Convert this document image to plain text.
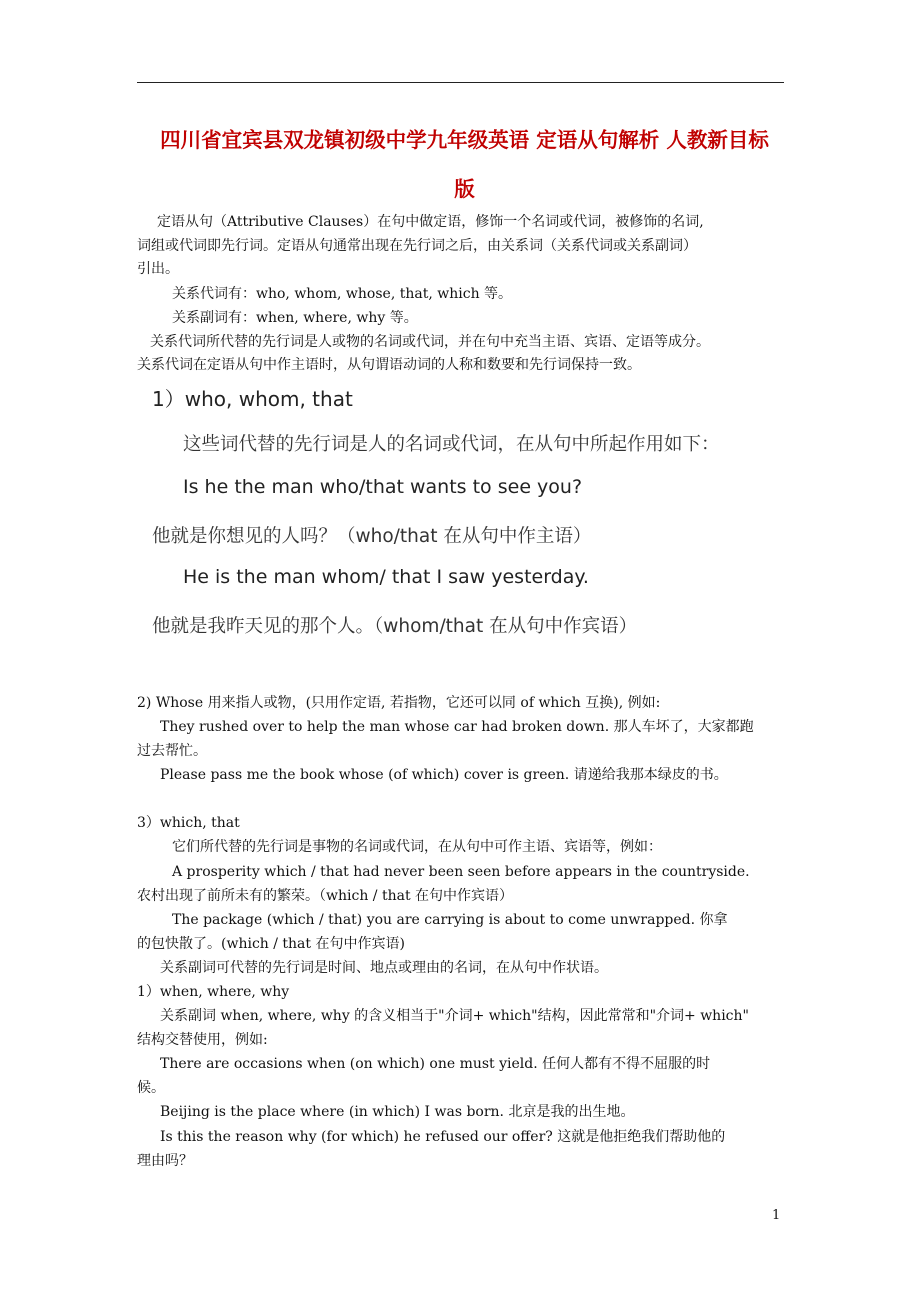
四川省宜宾县双龙镇初级中学九年级英语 定语从句解析 人教新目标
版
定语从句（Attributive Clauses）在句中做定语，修饰一个名词或代词，被修饰的名词,
词组或代词即先行词。定语从句通常出现在先行词之后，由关系词（关系代词或关系副词）
引出。
关系代词有：who, whom, whose, that, which 等。
关系副词有：when, where, why 等。
关系代词所代替的先行词是人或物的名词或代词，并在句中充当主语、宾语、定语等成分。
关系代词在定语从句中作主语时，从句谓语动词的人称和数要和先行词保持一致。
1）who, whom, that
这些词代替的先行词是人的名词或代词，在从句中所起作用如下：
Is he the man who/that wants to see you?
他就是你想见的人吗？（who/that 在从句中作主语）
He is the man whom/ that I saw yesterday.
他就是我昨天见的那个人。（whom/that 在从句中作宾语）
2) Whose 用来指人或物，(只用作定语, 若指物，它还可以同 of which 互换), 例如:
They rushed over to help the man whose car had broken down. 那人车坏了，大家都跑
过去帮忙。
Please pass me the book whose (of which) cover is green. 请递给我那本绿皮的书。
3）which, that
它们所代替的先行词是事物的名词或代词，在从句中可作主语、宾语等，例如：
A prosperity which / that had never been seen before appears in the countryside.
农村出现了前所未有的繁荣。（which / that 在句中作宾语）
The package (which / that) you are carrying is about to come unwrapped. 你拿
的包快散了。(which / that 在句中作宾语)
关系副词可代替的先行词是时间、地点或理由的名词，在从句中作状语。
1）when, where, why
关系副词 when, where, why 的含义相当于"介词+ which"结构，因此常常和"介词+ which"
结构交替使用，例如:
There are occasions when (on which) one must yield. 任何人都有不得不屈服的时
候。
Beijing is the place where (in which) I was born. 北京是我的出生地。
Is this the reason why (for which) he refused our offer? 这就是他拒绝我们帮助他的
理由吗？
1
